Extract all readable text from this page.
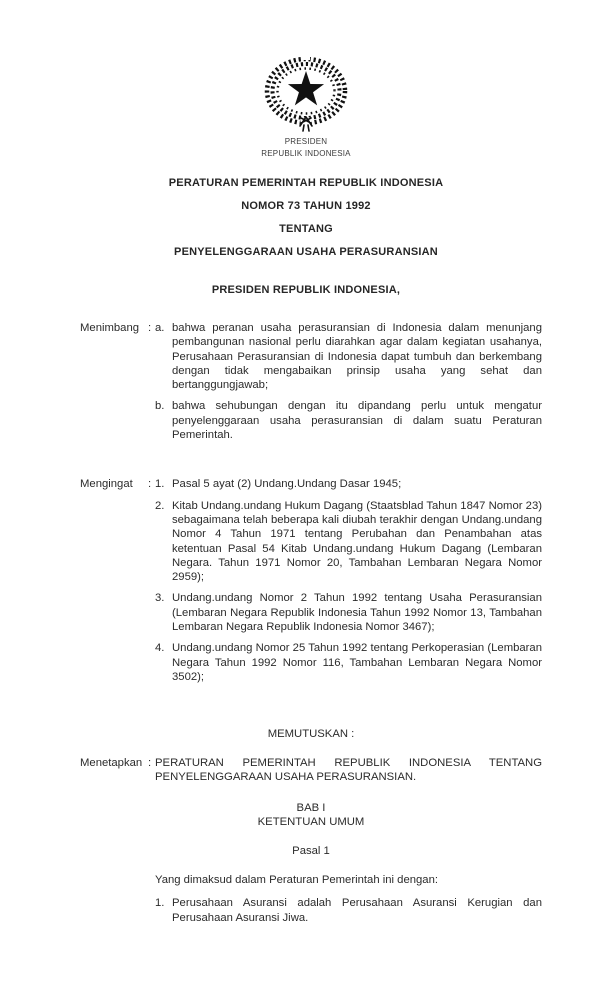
PRESIDEN
REPUBLIK INDONESIA
PERATURAN PEMERINTAH REPUBLIK INDONESIA
NOMOR 73 TAHUN 1992
TENTANG
PENYELENGGARAAN USAHA PERASURANSIAN
PRESIDEN REPUBLIK INDONESIA,
Menimbang : a. bahwa peranan usaha perasuransian di Indonesia dalam menunjang pembangunan nasional perlu diarahkan agar dalam kegiatan usahanya, Perusahaan Perasuransian di Indonesia dapat tumbuh dan berkembang dengan tidak mengabaikan prinsip usaha yang sehat dan bertanggungjawab;
b. bahwa sehubungan dengan itu dipandang perlu untuk mengatur penyelenggaraan usaha perasuransian di dalam suatu Peraturan Pemerintah.
Mengingat	: 1. Pasal 5 ayat (2) Undang.Undang Dasar 1945;
2. Kitab Undang.undang Hukum Dagang (Staatsblad Tahun 1847 Nomor 23) sebagaimana telah beberapa kali diubah terakhir dengan Undang.undang Nomor 4 Tahun 1971 tentang Perubahan dan Penambahan atas ketentuan Pasal 54 Kitab Undang.undang Hukum Dagang (Lembaran Negara. Tahun 1971 Nomor 20, Tambahan Lembaran Negara Nomor 2959);
3. Undang.undang Nomor 2 Tahun 1992 tentang Usaha Perasuransian (Lembaran Negara Republik Indonesia Tahun 1992 Nomor 13, Tambahan Lembaran Negara Republik Indonesia Nomor 3467);
4. Undang.undang Nomor 25 Tahun 1992 tentang Perkoperasian (Lembaran Negara Tahun 1992 Nomor 116, Tambahan Lembaran Negara Nomor 3502);
MEMUTUSKAN :
Menetapkan : PERATURAN PEMERINTAH REPUBLIK INDONESIA TENTANG PENYELENGGARAAN USAHA PERASURANSIAN.
BAB I
KETENTUAN UMUM
Pasal 1
Yang dimaksud dalam Peraturan Pemerintah ini dengan:
1. Perusahaan Asuransi adalah Perusahaan Asuransi Kerugian dan Perusahaan Asuransi Jiwa.
